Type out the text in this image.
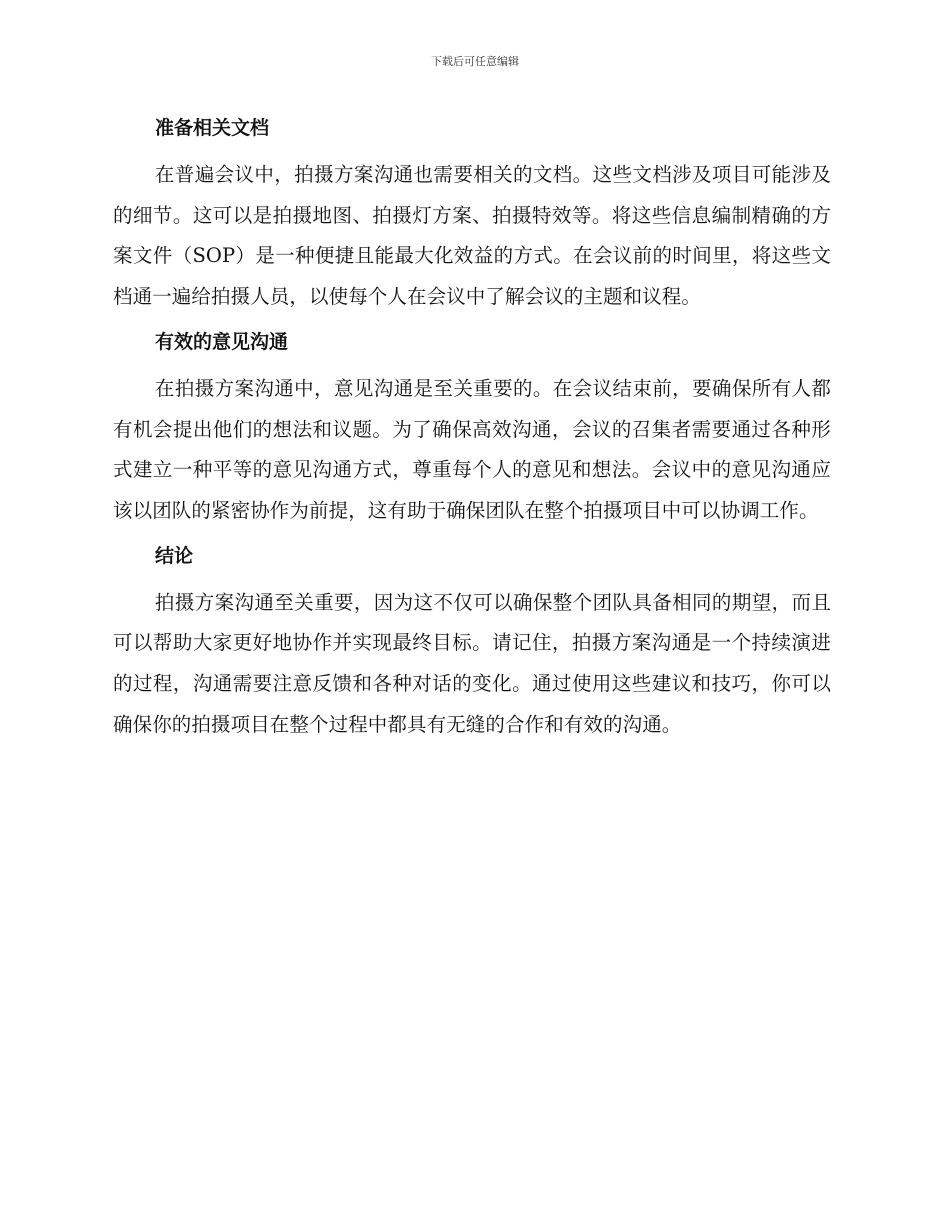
下载后可任意编辑
准备相关文档

在普遍会议中，拍摄方案沟通也需要相关的文档。这些文档涉及项目可能涉及的细节。这可以是拍摄地图、拍摄灯方案、拍摄特效等。将这些信息编制精确的方案文件（SOP）是一种便捷且能最大化效益的方式。在会议前的时间里，将这些文档通一遍给拍摄人员，以使每个人在会议中了解会议的主题和议程。

有效的意见沟通

在拍摄方案沟通中，意见沟通是至关重要的。在会议结束前，要确保所有人都有机会提出他们的想法和议题。为了确保高效沟通，会议的召集者需要通过各种形式建立一种平等的意见沟通方式，尊重每个人的意见和想法。会议中的意见沟通应该以团队的紧密协作为前提，这有助于确保团队在整个拍摄项目中可以协调工作。

结论

拍摄方案沟通至关重要，因为这不仅可以确保整个团队具备相同的期望，而且可以帮助大家更好地协作并实现最终目标。请记住，拍摄方案沟通是一个持续演进的过程，沟通需要注意反馈和各种对话的变化。通过使用这些建议和技巧，你可以确保你的拍摄项目在整个过程中都具有无缝的合作和有效的沟通。
